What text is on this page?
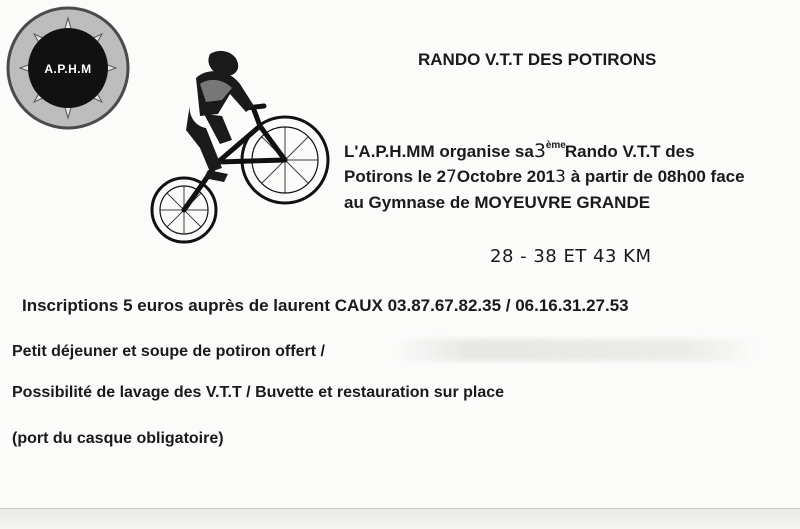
A.P.H.M	RANDO V.T.T DES POTIRONS
L'A.P.H.MM organise sa3 ème
Rando V.T.T des
Potirons le 27Octobre 2013 à partir de 08h00 face
au Gymnase de MOYEUVRE GRANDE
28 - 38 ET 43 KM
Inscriptions 5 euros auprès de laurent CAUX 03.87.67.82.35 / 06.16.31.27.53
Petit déjeuner et soupe de potiron offert /
Possibilité de lavage des V.T.T / Buvette et restauration sur place
(port du casque obligatoire)
